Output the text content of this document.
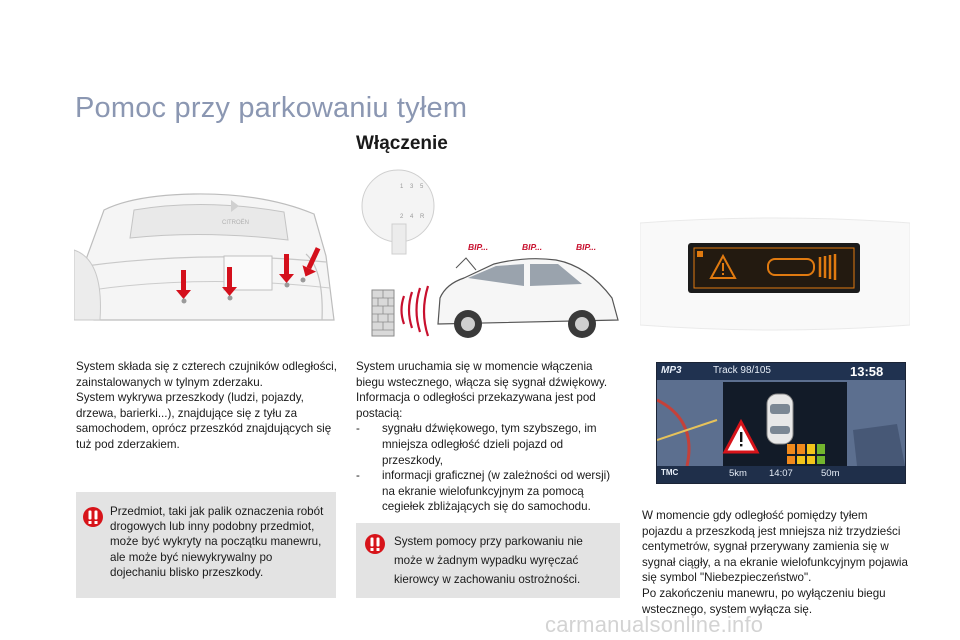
Pomoc przy parkowaniu tyłem
Włączenie
CITROËN
1 3 5
2 4 R
BIP...	BIP...	BIP...
MP3	Track 98/105	13:58
TMC	5km 14:07	50m

System składa się z czterech czujników odległości, zainstalowanych w tylnym zderzaku.

System wykrywa przeszkody (ludzi, pojazdy, drzewa, barierki...), znajdujące się z tyłu za samochodem, oprócz przeszkód znajdujących się tuż pod zderzakiem.

System uruchamia się w momencie włączenia biegu wstecznego, włącza się sygnał dźwiękowy. Informacja o odległości przekazywana jest pod postacią:

- sygnału dźwiękowego, tym szybszego, im mniejsza odległość dzieli pojazd od przeszkody,
- informacji graficznej (w zależności od wersji) na ekranie wielofunkcyjnym za pomocą cegiełek zbliżających się do samochodu.
W momencie gdy odległość pomiędzy tyłem pojazdu a przeszkodą jest mniejsza niż trzydzieści centymetrów, sygnał przerywany zamienia się w sygnał ciągły, a na ekranie wielofunkcyjnym pojawia się symbol "Niebezpieczeństwo".
Po zakończeniu manewru, po wyłączeniu biegu wstecznego, system wyłącza się.
Przedmiot, taki jak palik oznaczenia robót drogowych lub inny podobny przedmiot, może być wykryty na początku manewru, ale może być niewykrywalny po dojechaniu blisko przeszkody.
System pomocy przy parkowaniu nie może w żadnym wypadku wyręczać kierowcy w zachowaniu ostrożności.
carmanualsonline.info
